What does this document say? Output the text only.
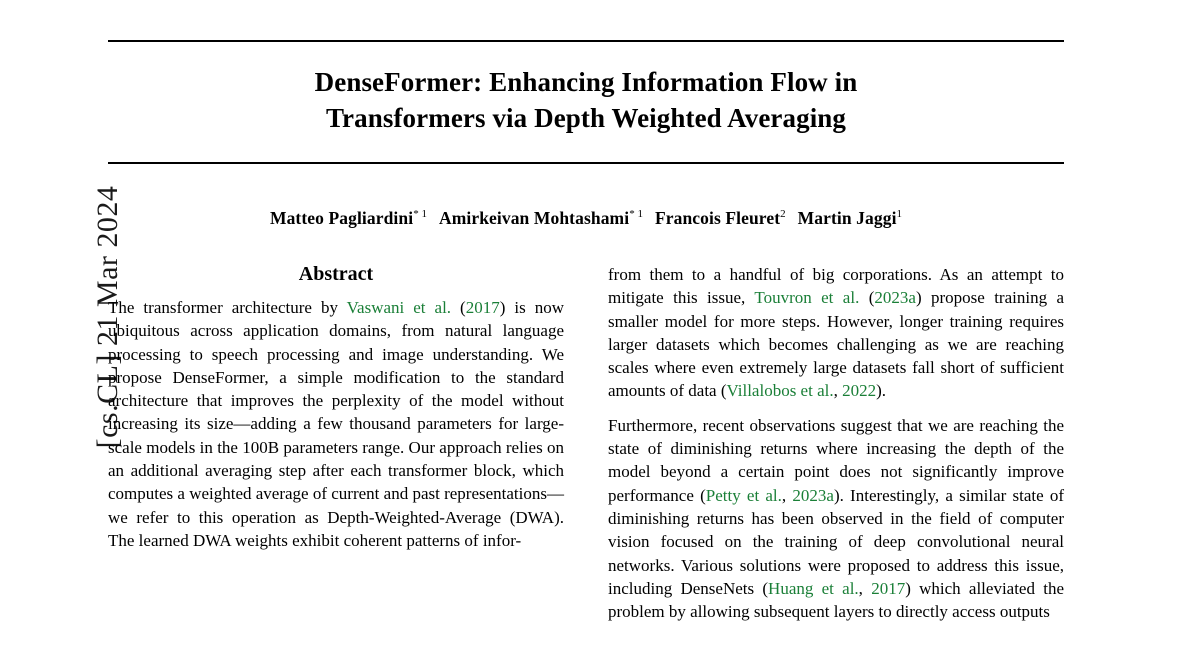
[cs.CL] 21 Mar 2024
DenseFormer: Enhancing Information Flow in
Transformers via Depth Weighted Averaging
Matteo Pagliardini$^{* 1}$ Amirkeivan Mohtashami$^{* 1}$ Francois Fleuret$^2$ Martin Jaggi$^1$
Abstract

The transformer architecture by Vaswani et al. (2017) is now ubiquitous across application domains, from natural language processing to speech processing and image understanding. We propose DenseFormer, a simple modification to the standard architecture that improves the perplexity of the model without increasing its size—adding a few thousand parameters for large-scale models in the 100B parameters range. Our approach relies on an additional averaging step after each transformer block, which computes a weighted average of current and past representations—we refer to this operation as Depth-Weighted-Average (DWA). The learned DWA weights exhibit coherent patterns of infor-

from them to a handful of big corporations. As an attempt to mitigate this issue, Touvron et al. (2023a) propose training a smaller model for more steps. However, longer training requires larger datasets which becomes challenging as we are reaching scales where even extremely large datasets fall short of sufficient amounts of data (Villalobos et al., 2022).

Furthermore, recent observations suggest that we are reaching the state of diminishing returns where increasing the depth of the model beyond a certain point does not significantly improve performance (Petty et al., 2023a). Interestingly, a similar state of diminishing returns has been observed in the field of computer vision focused on the training of deep convolutional neural networks. Various solutions were proposed to address this issue, including DenseNets (Huang et al., 2017) which alleviated the problem by allowing subsequent layers to directly access outputs
